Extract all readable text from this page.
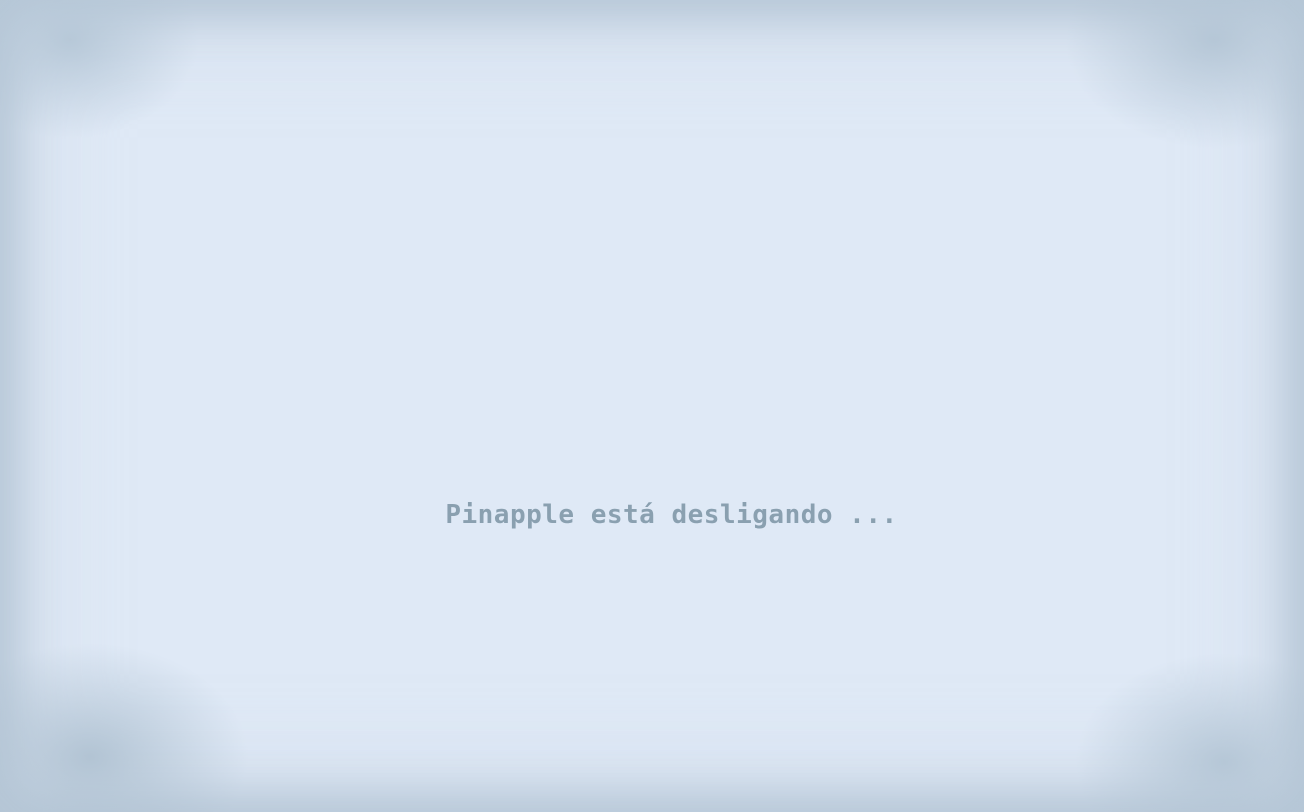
Pinapple está desligando ...
